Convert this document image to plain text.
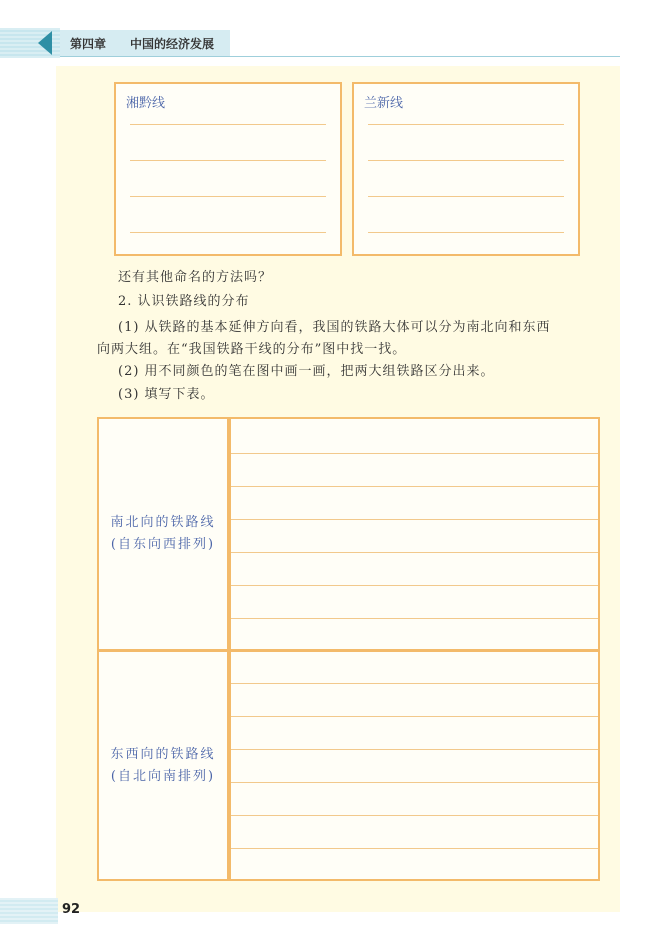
第四章 中国的经济发展
湘黔线	兰新线
还有其他命名的方法吗？
2. 认识铁路线的分布
(1) 从铁路的基本延伸方向看，我国的铁路大体可以分为南北向和东西
向两大组。在“我国铁路干线的分布”图中找一找。
(2) 用不同颜色的笔在图中画一画，把两大组铁路区分出来。
(3) 填写下表。
南北向的铁路线
(自东向西排列)
东西向的铁路线
(自北向南排列)
92
